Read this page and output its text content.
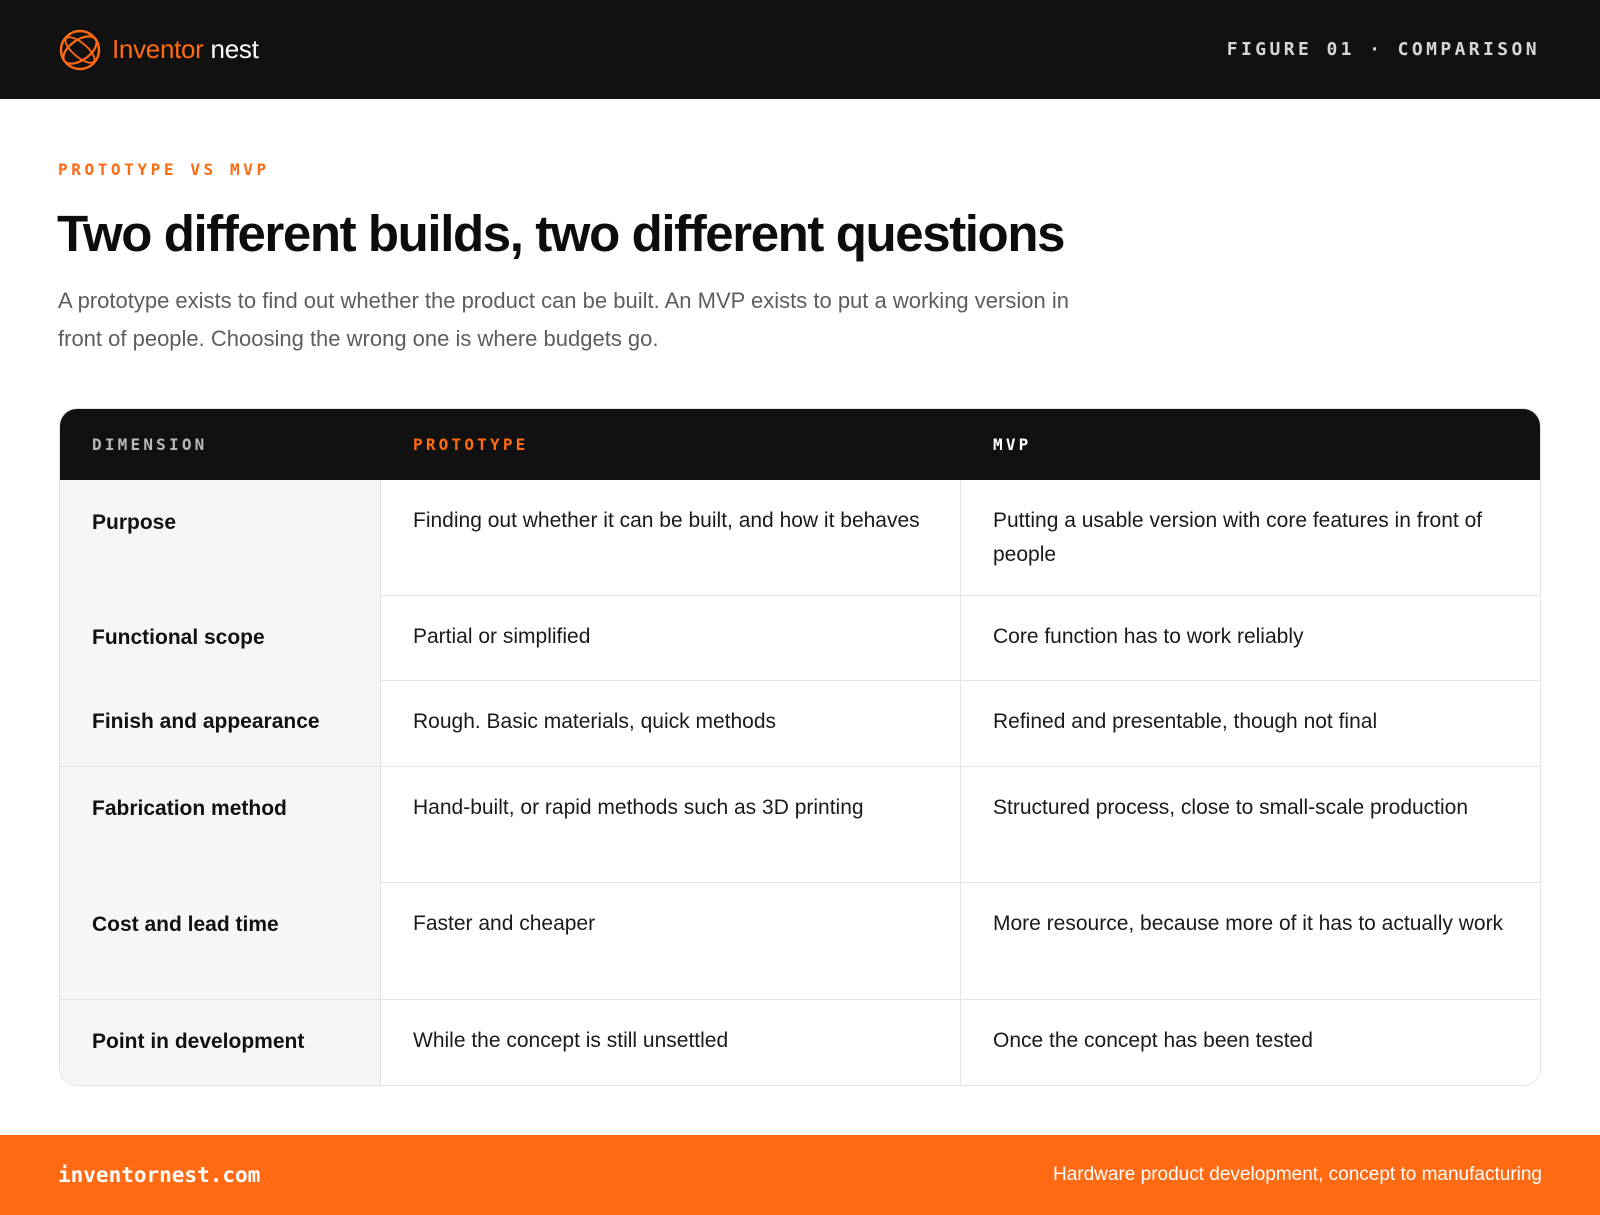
Inventor nest	FIGURE 01 · COMPARISON
PROTOTYPE VS MVP
Two different builds, two different questions

A prototype exists to find out whether the product can be built. An MVP exists to put a working version in front of people. Choosing the wrong one is where budgets go.

DIMENSION	PROTOTYPE	MVP
Purpose	Finding out whether it can be built, and how it behaves	Putting a usable version with core features in front of people
Functional scope	Partial or simplified	Core function has to work reliably
Finish and appearance	Rough. Basic materials, quick methods	Refined and presentable, though not final
Fabrication method	Hand-built, or rapid methods such as 3D printing	Structured process, close to small-scale production
Cost and lead time	Faster and cheaper	More resource, because more of it has to actually work
Point in development	While the concept is still unsettled	Once the concept has been tested
inventornest.com	Hardware product development, concept to manufacturing
